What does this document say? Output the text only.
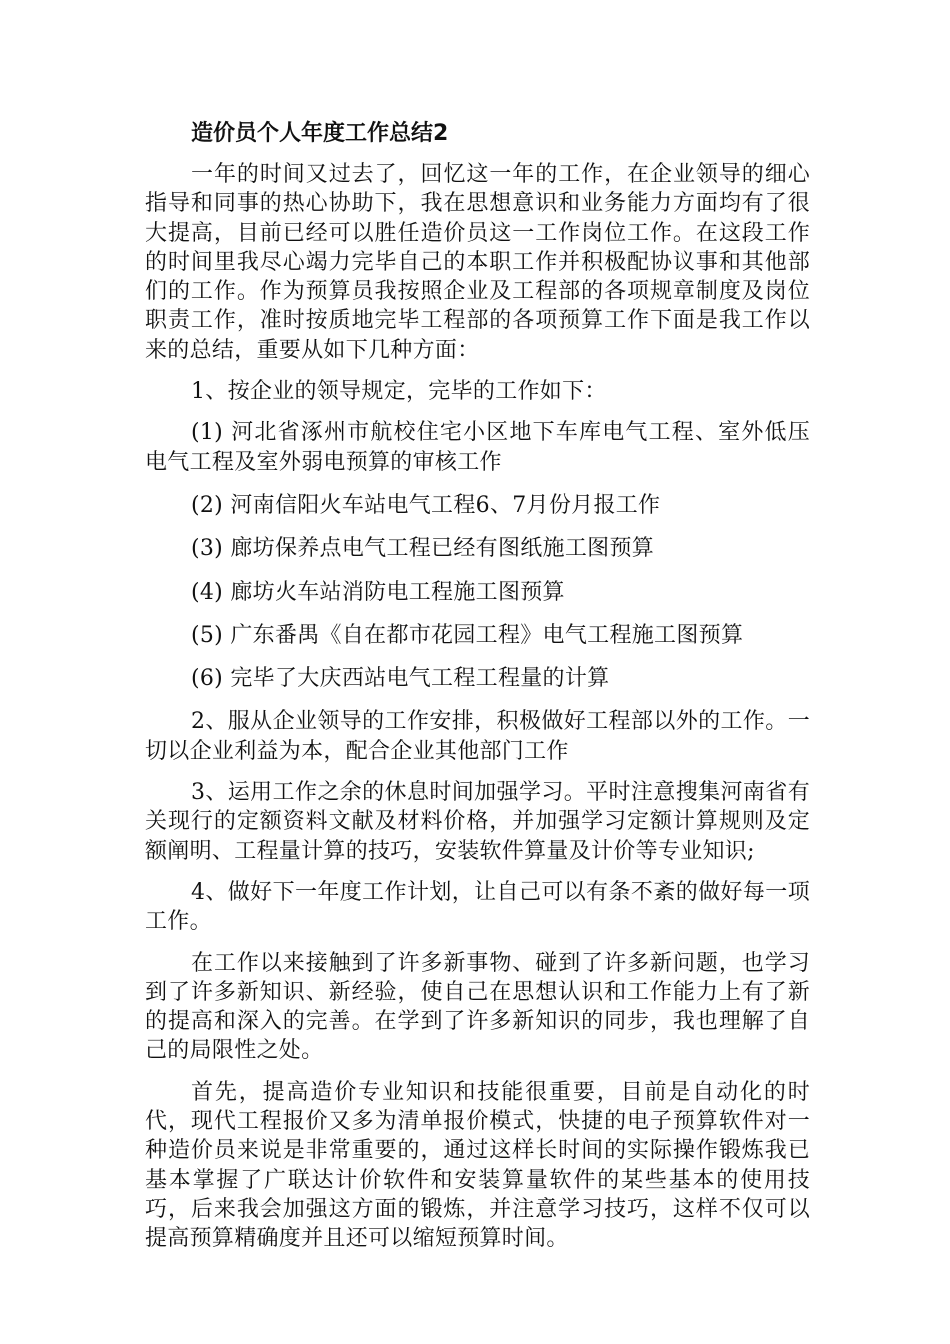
造价员个人年度工作总结2

一年的时间又过去了，回忆这一年的工作，在企业领导的细心指导和同事的热心协助下，我在思想意识和业务能力方面均有了很大提高，目前已经可以胜任造价员这一工作岗位工作。在这段工作的时间里我尽心竭力完毕自己的本职工作并积极配协议事和其他部们的工作。作为预算员我按照企业及工程部的各项规章制度及岗位职责工作，准时按质地完毕工程部的各项预算工作下面是我工作以来的总结，重要从如下几种方面：

1、按企业的领导规定，完毕的工作如下：

(1) 河北省涿州市航校住宅小区地下车库电气工程、室外低压电气工程及室外弱电预算的审核工作

(2) 河南信阳火车站电气工程6、7月份月报工作

(3) 廊坊保养点电气工程已经有图纸施工图预算

(4) 廊坊火车站消防电工程施工图预算

(5) 广东番禺《自在都市花园工程》电气工程施工图预算

(6) 完毕了大庆西站电气工程工程量的计算

2、服从企业领导的工作安排，积极做好工程部以外的工作。一切以企业利益为本，配合企业其他部门工作

3、运用工作之余的休息时间加强学习。平时注意搜集河南省有关现行的定额资料文献及材料价格，并加强学习定额计算规则及定额阐明、工程量计算的技巧，安装软件算量及计价等专业知识;

4、做好下一年度工作计划，让自己可以有条不紊的做好每一项工作。

在工作以来接触到了许多新事物、碰到了许多新问题，也学习到了许多新知识、新经验，使自己在思想认识和工作能力上有了新的提高和深入的完善。在学到了许多新知识的同步，我也理解了自己的局限性之处。

首先，提高造价专业知识和技能很重要，目前是自动化的时代，现代工程报价又多为清单报价模式，快捷的电子预算软件对一种造价员来说是非常重要的，通过这样长时间的实际操作锻炼我已基本掌握了广联达计价软件和安装算量软件的某些基本的使用技巧，后来我会加强这方面的锻炼，并注意学习技巧，这样不仅可以提高预算精确度并且还可以缩短预算时间。
